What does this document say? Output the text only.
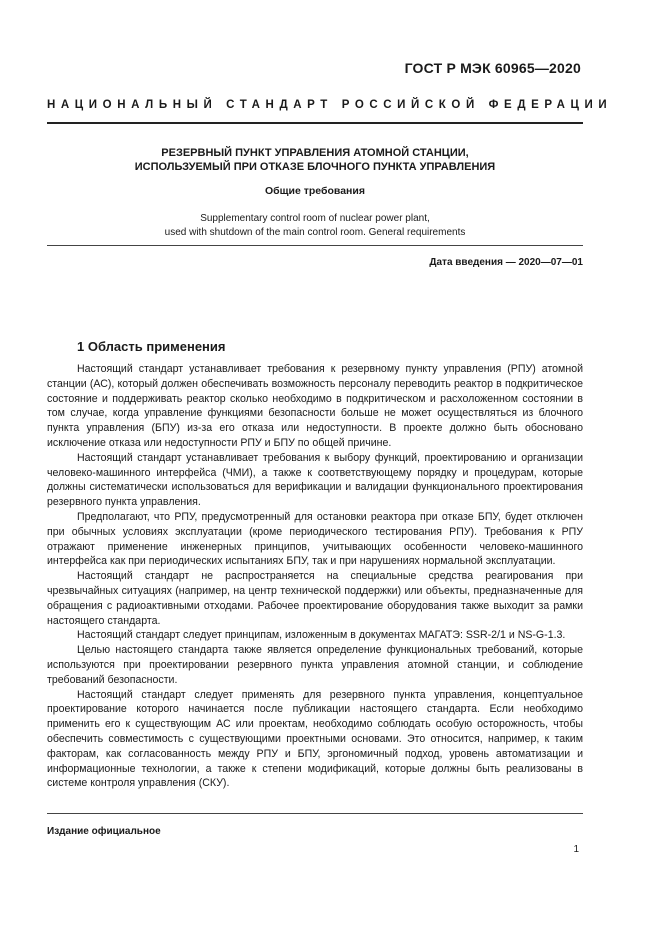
ГОСТ Р МЭК 60965—2020
НАЦИОНАЛЬНЫЙ СТАНДАРТ РОССИЙСКОЙ ФЕДЕРАЦИИ
РЕЗЕРВНЫЙ ПУНКТ УПРАВЛЕНИЯ АТОМНОЙ СТАНЦИИ,
ИСПОЛЬЗУЕМЫЙ ПРИ ОТКАЗЕ БЛОЧНОГО ПУНКТА УПРАВЛЕНИЯ
Общие требования
Supplementary control room of nuclear power plant,
used with shutdown of the main control room. General requirements
Дата введения — 2020—07—01
1 Область применения

Настоящий стандарт устанавливает требования к резервному пункту управления (РПУ) атомной станции (АС), который должен обеспечивать возможность персоналу переводить реактор в подкритическое состояние и поддерживать реактор сколько необходимо в подкритическом и расхоложенном состоянии в том случае, когда управление функциями безопасности больше не может осуществляться из блочного пункта управления (БПУ) из-за его отказа или недоступности. В проекте должно быть обосновано исключение отказа или недоступности РПУ и БПУ по общей причине.

Настоящий стандарт устанавливает требования к выбору функций, проектированию и организации человеко-машинного интерфейса (ЧМИ), а также к соответствующему порядку и процедурам, которые должны систематически использоваться для верификации и валидации функционального проектирования резервного пункта управления.

Предполагают, что РПУ, предусмотренный для остановки реактора при отказе БПУ, будет отключен при обычных условиях эксплуатации (кроме периодического тестирования РПУ). Требования к РПУ отражают применение инженерных принципов, учитывающих особенности человеко-машинного интерфейса как при периодических испытаниях БПУ, так и при нарушениях нормальной эксплуатации.

Настоящий стандарт не распространяется на специальные средства реагирования при чрезвычайных ситуациях (например, на центр технической поддержки) или объекты, предназначенные для обращения с радиоактивными отходами. Рабочее проектирование оборудования также выходит за рамки настоящего стандарта.

Настоящий стандарт следует принципам, изложенным в документах МАГАТЭ: SSR-2/1 и NS-G-1.3.

Целью настоящего стандарта также является определение функциональных требований, которые используются при проектировании резервного пункта управления атомной станции, и соблюдение требований безопасности.

Настоящий стандарт следует применять для резервного пункта управления, концептуальное проектирование которого начинается после публикации настоящего стандарта. Если необходимо применить его к существующим АС или проектам, необходимо соблюдать особую осторожность, чтобы обеспечить совместимость с существующими проектными основами. Это относится, например, к таким факторам, как согласованность между РПУ и БПУ, эргономичный подход, уровень автоматизации и информационные технологии, а также к степени модификаций, которые должны быть реализованы в системе контроля управления (СКУ).

Издание официальное
1
